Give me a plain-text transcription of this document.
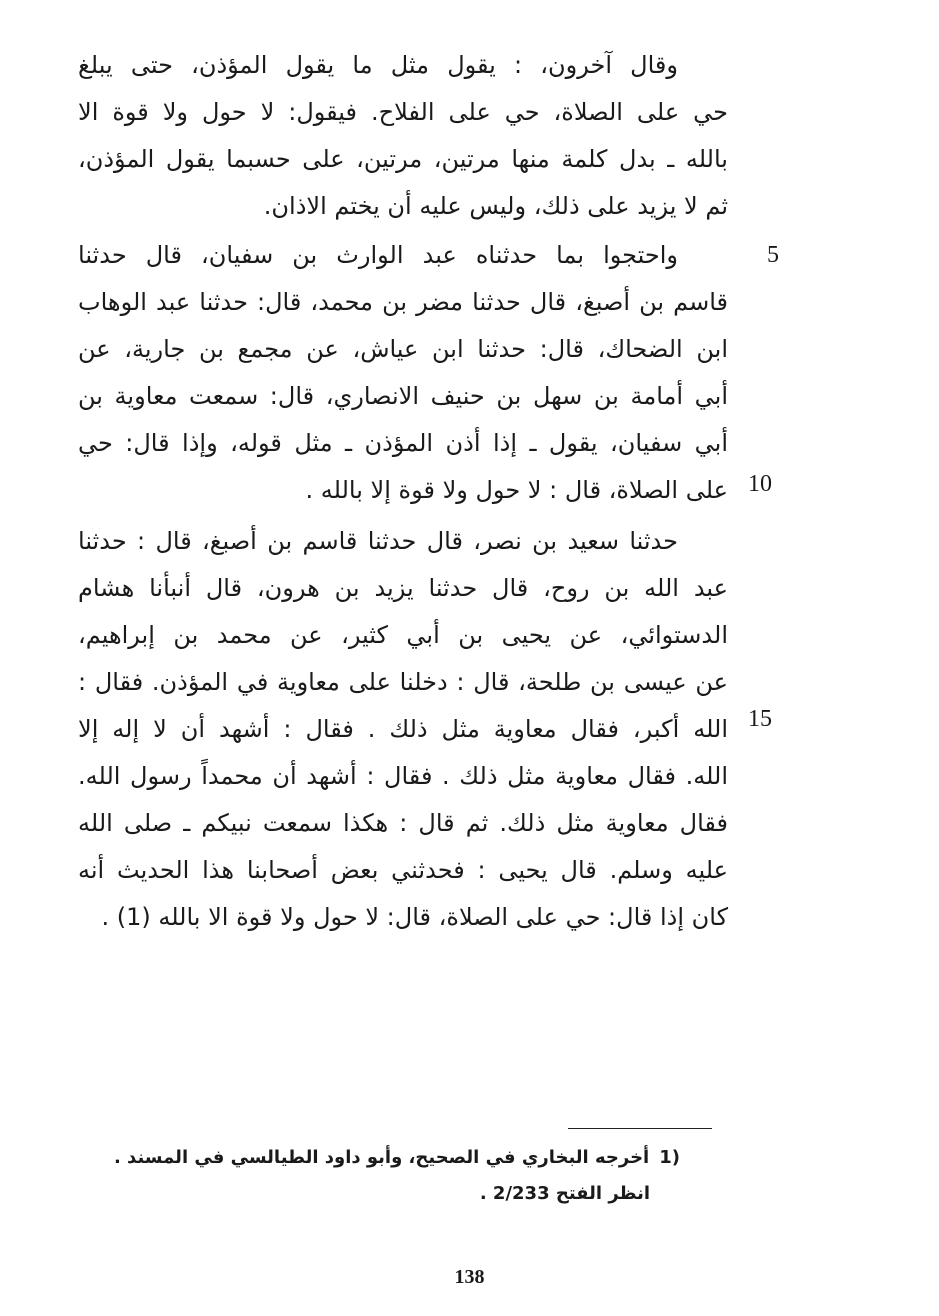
وقال آخرون، : يقول مثل ما يقول المؤذن، حتى يبلغ
حي على الصلاة، حي على الفلاح. فيقول: لا حول ولا قوة الا
بالله ـ بدل كلمة منها مرتين، مرتين، على حسبما يقول المؤذن،
ثم لا يزيد على ذلك، وليس عليه أن يختم الاذان.
واحتجوا بما حدثناه عبد الوارث بن سفيان، قال حدثنا
قاسم بن أصبغ، قال حدثنا مضر بن محمد، قال: حدثنا عبد الوهاب
ابن الضحاك، قال: حدثنا ابن عياش، عن مجمع بن جارية، عن
أبي أمامة بن سهل بن حنيف الانصاري، قال: سمعت معاوية بن
أبي سفيان، يقول ـ إذا أذن المؤذن ـ مثل قوله، وإذا قال: حي
على الصلاة، قال : لا حول ولا قوة إلا بالله .
حدثنا سعيد بن نصر، قال حدثنا قاسم بن أصبغ، قال : حدثنا
عبد الله بن روح، قال حدثنا يزيد بن هرون، قال أنبأنا هشام
الدستوائي، عن يحيى بن أبي كثير، عن محمد بن إبراهيم،
عن عيسى بن طلحة، قال : دخلنا على معاوية في المؤذن. فقال :
الله أكبر، فقال معاوية مثل ذلك . فقال : أشهد أن لا إله إلا
الله. فقال معاوية مثل ذلك . فقال : أشهد أن محمداً رسول الله.
فقال معاوية مثل ذلك. ثم قال : هكذا سمعت نبيكم ـ صلى الله
عليه وسلم. قال يحيى : فحدثني بعض أصحابنا هذا الحديث أنه
كان إذا قال: حي على الصلاة، قال: لا حول ولا قوة الا بالله (1) .
5
10
15
1)أخرجه البخاري في الصحيح، وأبو داود الطيالسي في المسند .
انظر الفتح 2/233 .
138
